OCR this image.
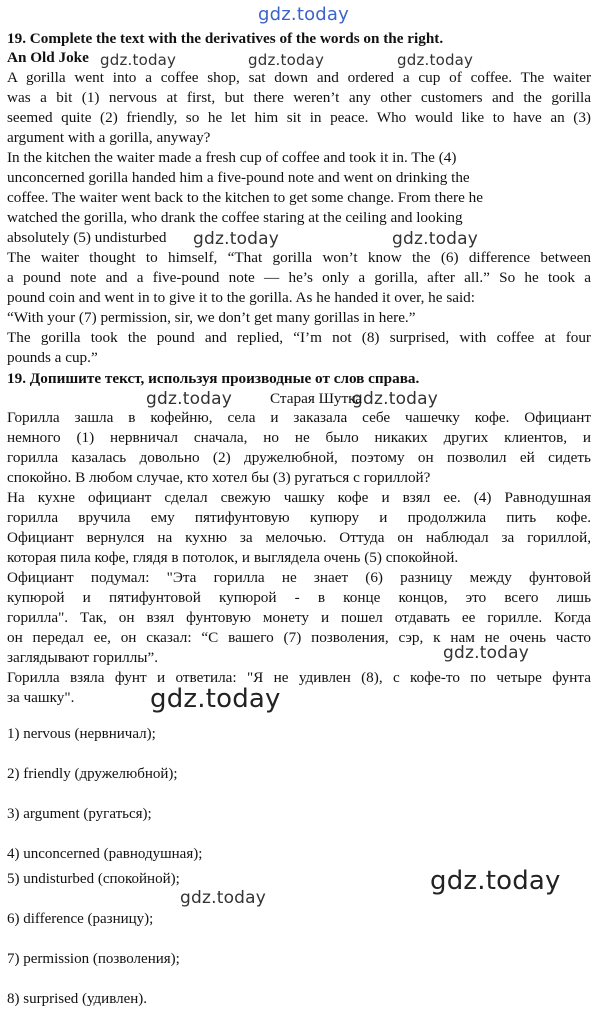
gdz.today
gdz.today	gdz.today	gdz.today
gdz.today	gdz.today
gdz.today	gdz.today
gdz.today
gdz.today
gdz.today
gdz.today
19. Complete the text with the derivatives of the words on the right.
An Old Joke
A gorilla went into a coffee shop, sat down and ordered a cup of coffee. The waiter
was a bit (1) nervous at first, but there weren’t any other customers and the gorilla
seemed quite (2) friendly, so he let him sit in peace. Who would like to have an (3)
argument with a gorilla, anyway?
In the kitchen the waiter made a fresh cup of coffee and took it in. The (4)
unconcerned gorilla handed him a five-pound note and went on drinking the
coffee. The waiter went back to the kitchen to get some change. From there he
watched the gorilla, who drank the coffee staring at the ceiling and looking
absolutely (5) undisturbed
The waiter thought to himself, “That gorilla won’t know the (6) difference between
a pound note and a five-pound note — he’s only a gorilla, after all.” So he took a
pound coin and went in to give it to the gorilla. As he handed it over, he said:
“With your (7) permission, sir, we don’t get many gorillas in here.”
The gorilla took the pound and replied, “I’m not (8) surprised, with coffee at four
pounds a cup.”
19. Допишите текст, используя производные от слов справа.
Старая Шутка
Горилла зашла в кофейню, села и заказала себе чашечку кофе. Официант
немного (1) нервничал сначала, но не было никаких других клиентов, и
горилла казалась довольно (2) дружелюбной, поэтому он позволил ей сидеть
спокойно. В любом случае, кто хотел бы (3) ругаться с гориллой?
На кухне официант сделал свежую чашку кофе и взял ее. (4) Равнодушная
горилла вручила ему пятифунтовую купюру и продолжила пить кофе.
Официант вернулся на кухню за мелочью. Оттуда он наблюдал за гориллой,
которая пила кофе, глядя в потолок, и выглядела очень (5) спокойной.
Официант подумал: "Эта горилла не знает (6) разницу между фунтовой
купюрой и пятифунтовой купюрой - в конце концов, это всего лишь
горилла". Так, он взял фунтовую монету и пошел отдавать ее горилле. Когда
он передал ее, он сказал: “С вашего (7) позволения, сэр, к нам не очень часто
заглядывают гориллы”.
Горилла взяла фунт и ответила: "Я не удивлен (8), с кофе-то по четыре фунта
за чашку".
1) nervous (нервничал);
2) friendly (дружелюбной);
3) argument (ругаться);
4) unconcerned (равнодушная);
5) undisturbed (спокойной);
6) difference (разницу);
7) permission (позволения);
8) surprised (удивлен).
